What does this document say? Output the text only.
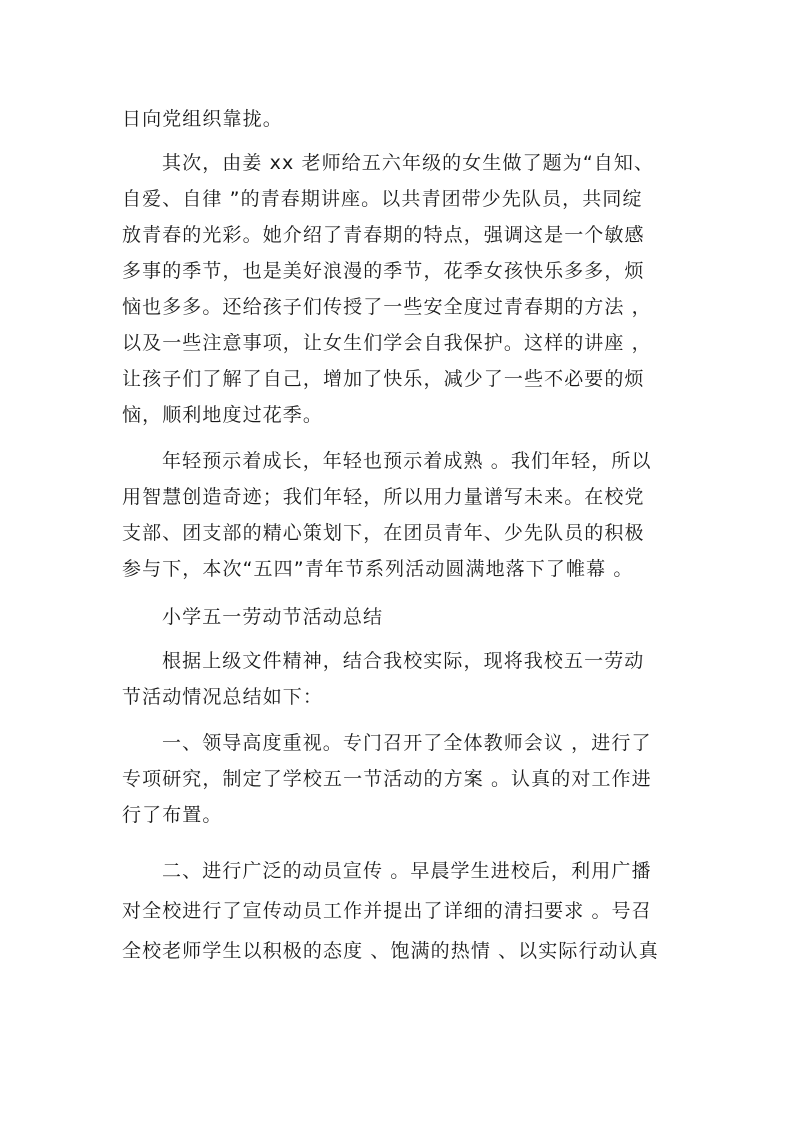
日向党组织靠拢。
其次，由姜 xx 老师给五六年级的女生做了题为“自知、
自爱、自律 ”的青春期讲座。以共青团带少先队员，共同绽
放青春的光彩。她介绍了青春期的特点，强调这是一个敏感
多事的季节，也是美好浪漫的季节，花季女孩快乐多多，烦
恼也多多。还给孩子们传授了一些安全度过青春期的方法 ，
以及一些注意事项，让女生们学会自我保护。这样的讲座 ，
让孩子们了解了自己，增加了快乐，减少了一些不必要的烦
恼，顺利地度过花季。
年轻预示着成长，年轻也预示着成熟 。我们年轻，所以
用智慧创造奇迹；我们年轻，所以用力量谱写未来。在校党
支部、团支部的精心策划下，在团员青年、少先队员的积极
参与下，本次“五四”青年节系列活动圆满地落下了帷幕 。
小学五一劳动节活动总结
根据上级文件精神，结合我校实际，现将我校五一劳动
节活动情况总结如下：
一、领导高度重视。专门召开了全体教师会议 ，进行了
专项研究，制定了学校五一节活动的方案 。认真的对工作进
行了布置。
二、进行广泛的动员宣传 。早晨学生进校后，利用广播
对全校进行了宣传动员工作并提出了详细的清扫要求 。号召
全校老师学生以积极的态度 、饱满的热情 、以实际行动认真
